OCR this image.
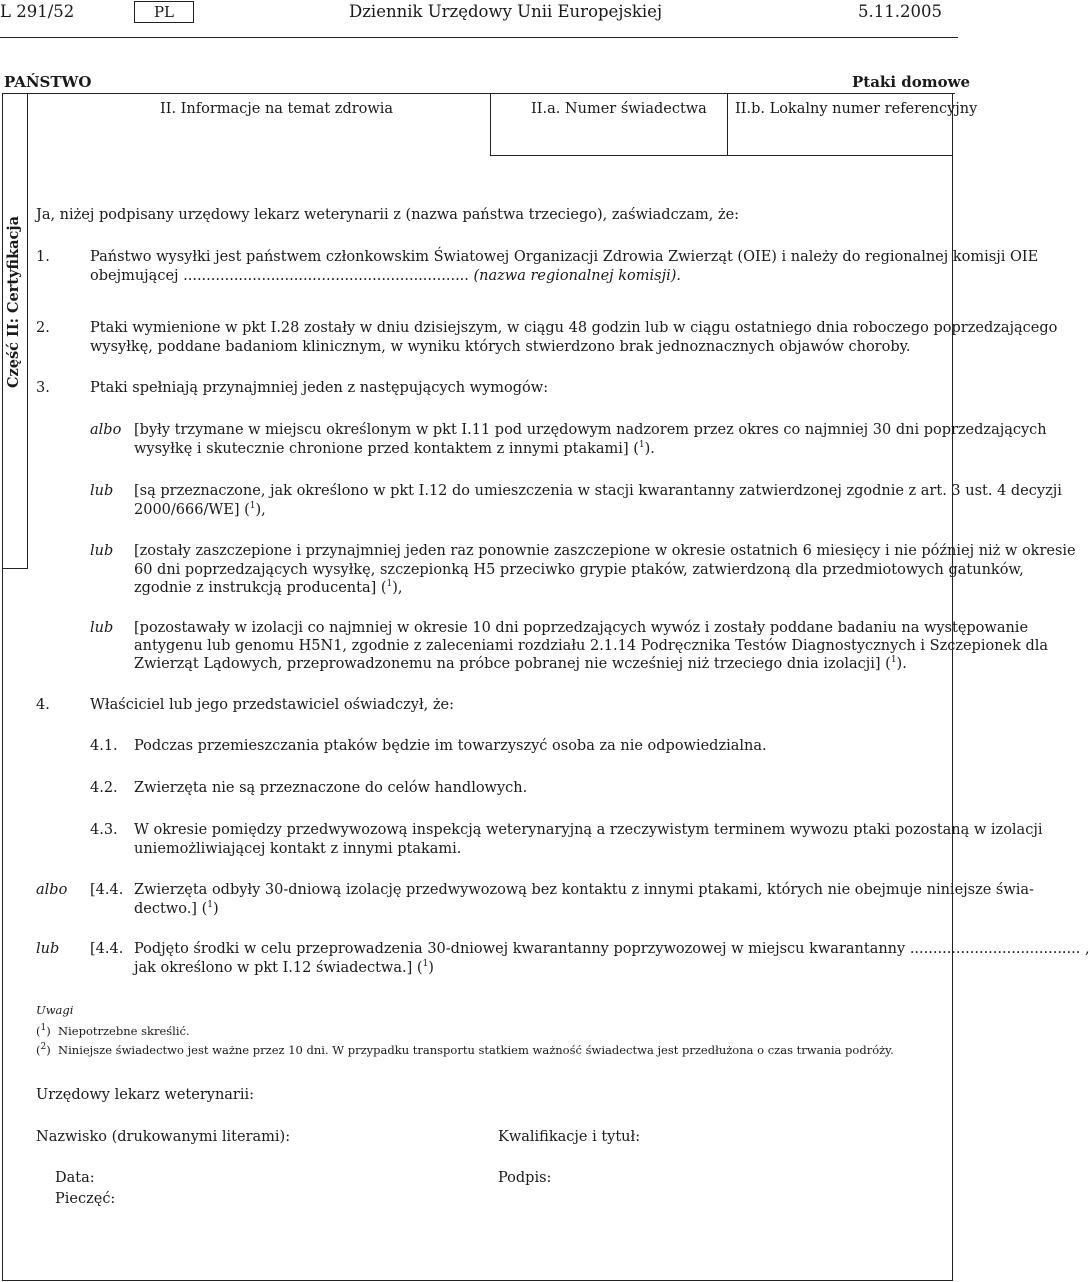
L 291/52	PL	Dziennik Urzędowy Unii Europejskiej	5.11.2005
PAŃSTWO	Ptaki domowe
II. Informacje na temat zdrowia	II.a. Numer świadectwa II.b. Lokalny numer referencyjny
Część II: Certyfikacja
Ja, niżej podpisany urzędowy lekarz weterynarii z (nazwa państwa trzeciego), zaświadczam, że:
1.	Państwo wysyłki jest państwem członkowskim Światowej Organizacji Zdrowia Zwierząt (OIE) i należy do regionalnej komisji OIE
obejmującej .............................................................. (nazwa regionalnej komisji).
2.	Ptaki wymienione w pkt I.28 zostały w dniu dzisiejszym, w ciągu 48 godzin lub w ciągu ostatniego dnia roboczego poprzedzającego
wysyłkę, poddane badaniom klinicznym, w wyniku których stwierdzono brak jednoznacznych objawów choroby.
3.	Ptaki spełniają przynajmniej jeden z następujących wymogów:
albo [były trzymane w miejscu określonym w pkt I.11 pod urzędowym nadzorem przez okres co najmniej 30 dni poprzedzających
wysyłkę i skutecznie chronione przed kontaktem z innymi ptakami] ($^1$).
lub [są przeznaczone, jak określono w pkt I.12 do umieszczenia w stacji kwarantanny zatwierdzonej zgodnie z art. 3 ust. 4 decyzji
2000/666/WE] ($^1$),
lub [zostały zaszczepione i przynajmniej jeden raz ponownie zaszczepione w okresie ostatnich 6 miesięcy i nie później niż w okresie
60 dni poprzedzających wysyłkę, szczepionką H5 przeciwko grypie ptaków, zatwierdzoną dla przedmiotowych gatunków,
zgodnie z instrukcją producenta] ($^1$),
lub [pozostawały w izolacji co najmniej w okresie 10 dni poprzedzających wywóz i zostały poddane badaniu na występowanie
antygenu lub genomu H5N1, zgodnie z zaleceniami rozdziału 2.1.14 Podręcznika Testów Diagnostycznych i Szczepionek dla
Zwierząt Lądowych, przeprowadzonemu na próbce pobranej nie wcześniej niż trzeciego dnia izolacji] ($^1$).
4.	Właściciel lub jego przedstawiciel oświadczył, że:
4.1. Podczas przemieszczania ptaków będzie im towarzyszyć osoba za nie odpowiedzialna.
4.2. Zwierzęta nie są przeznaczone do celów handlowych.
4.3. W okresie pomiędzy przedwywozową inspekcją weterynaryjną a rzeczywistym terminem wywozu ptaki pozostaną w izolacji
uniemożliwiającej kontakt z innymi ptakami.
albo [4.4. Zwierzęta odbyły 30-dniową izolację przedwywozową bez kontaktu z innymi ptakami, których nie obejmuje niniejsze świa-
dectwo.] ($^1$)
lub [4.4. Podjęto środki w celu przeprowadzenia 30-dniowej kwarantanny poprzywozowej w miejscu kwarantanny ..................................... ,
jak określono w pkt I.12 świadectwa.] ($^1$)
Uwagi
($^1$)  Niepotrzebne skreślić.
($^2$)  Niniejsze świadectwo jest ważne przez 10 dni. W przypadku transportu statkiem ważność świadectwa jest przedłużona o czas trwania podróży.
Urzędowy lekarz weterynarii:
Nazwisko (drukowanymi literami):	Kwalifikacje i tytuł:
Data:	Podpis:
Pieczęć:
